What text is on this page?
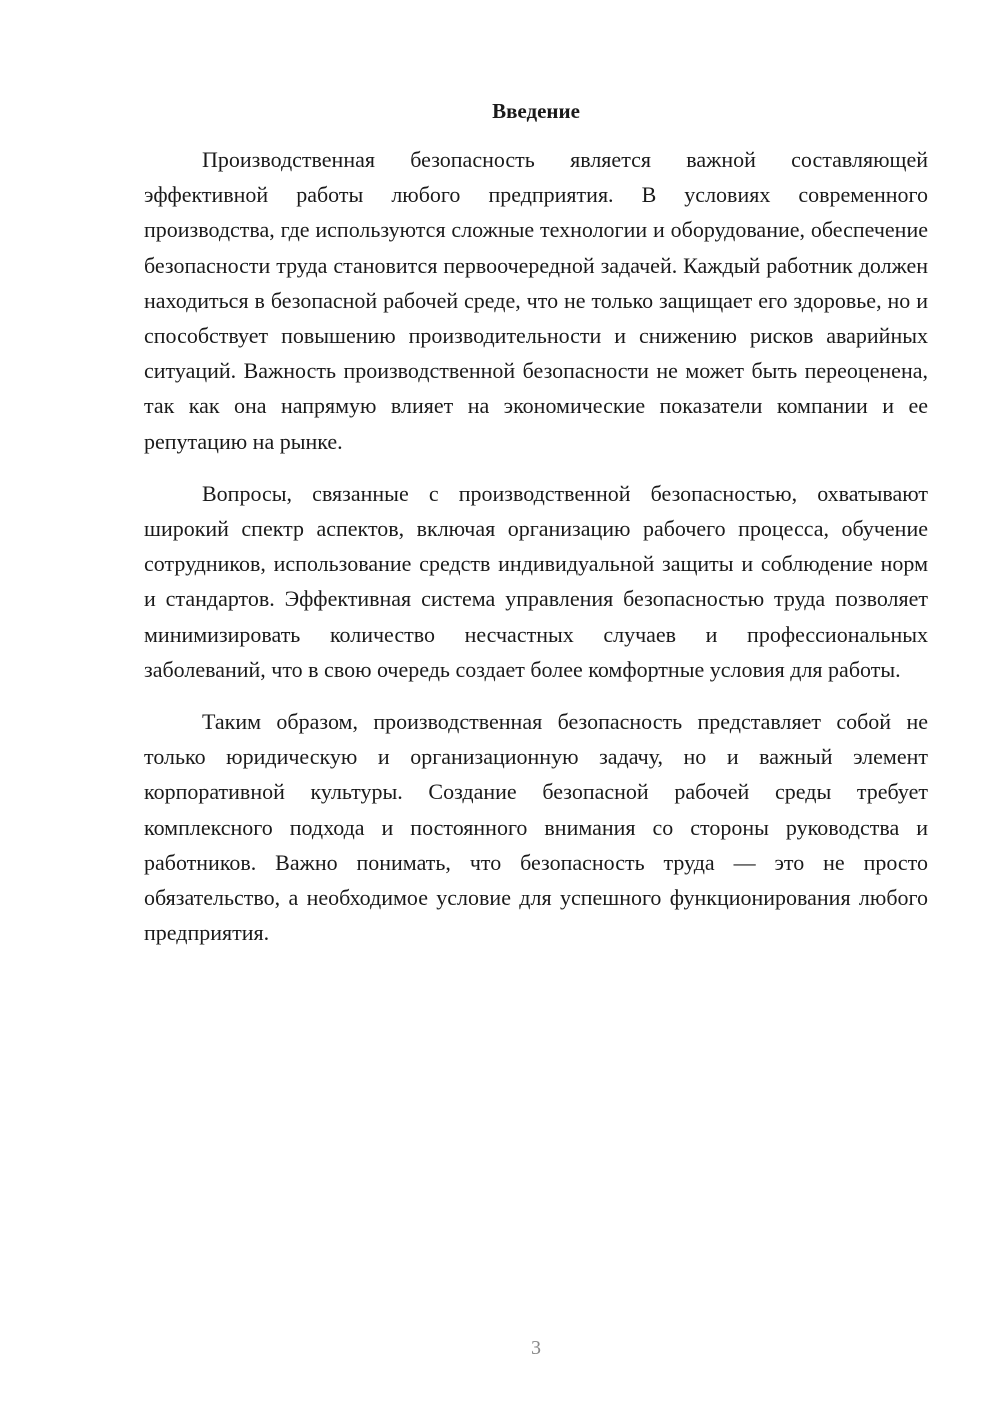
Введение

Производственная безопасность является важной составляющей эффективной работы любого предприятия. В условиях современного производства, где используются сложные технологии и оборудование, обеспечение безопасности труда становится первоочередной задачей. Каждый работник должен находиться в безопасной рабочей среде, что не только защищает его здоровье, но и способствует повышению производительности и снижению рисков аварийных ситуаций. Важность производственной безопасности не может быть переоценена, так как она напрямую влияет на экономические показатели компании и ее репутацию на рынке.

Вопросы, связанные с производственной безопасностью, охватывают широкий спектр аспектов, включая организацию рабочего процесса, обучение сотрудников, использование средств индивидуальной защиты и соблюдение норм и стандартов. Эффективная система управления безопасностью труда позволяет минимизировать количество несчастных случаев и профессиональных заболеваний, что в свою очередь создает более комфортные условия для работы.

Таким образом, производственная безопасность представляет собой не только юридическую и организационную задачу, но и важный элемент корпоративной культуры. Создание безопасной рабочей среды требует комплексного подхода и постоянного внимания со стороны руководства и работников. Важно понимать, что безопасность труда — это не просто обязательство, а необходимое условие для успешного функционирования любого предприятия.

3
